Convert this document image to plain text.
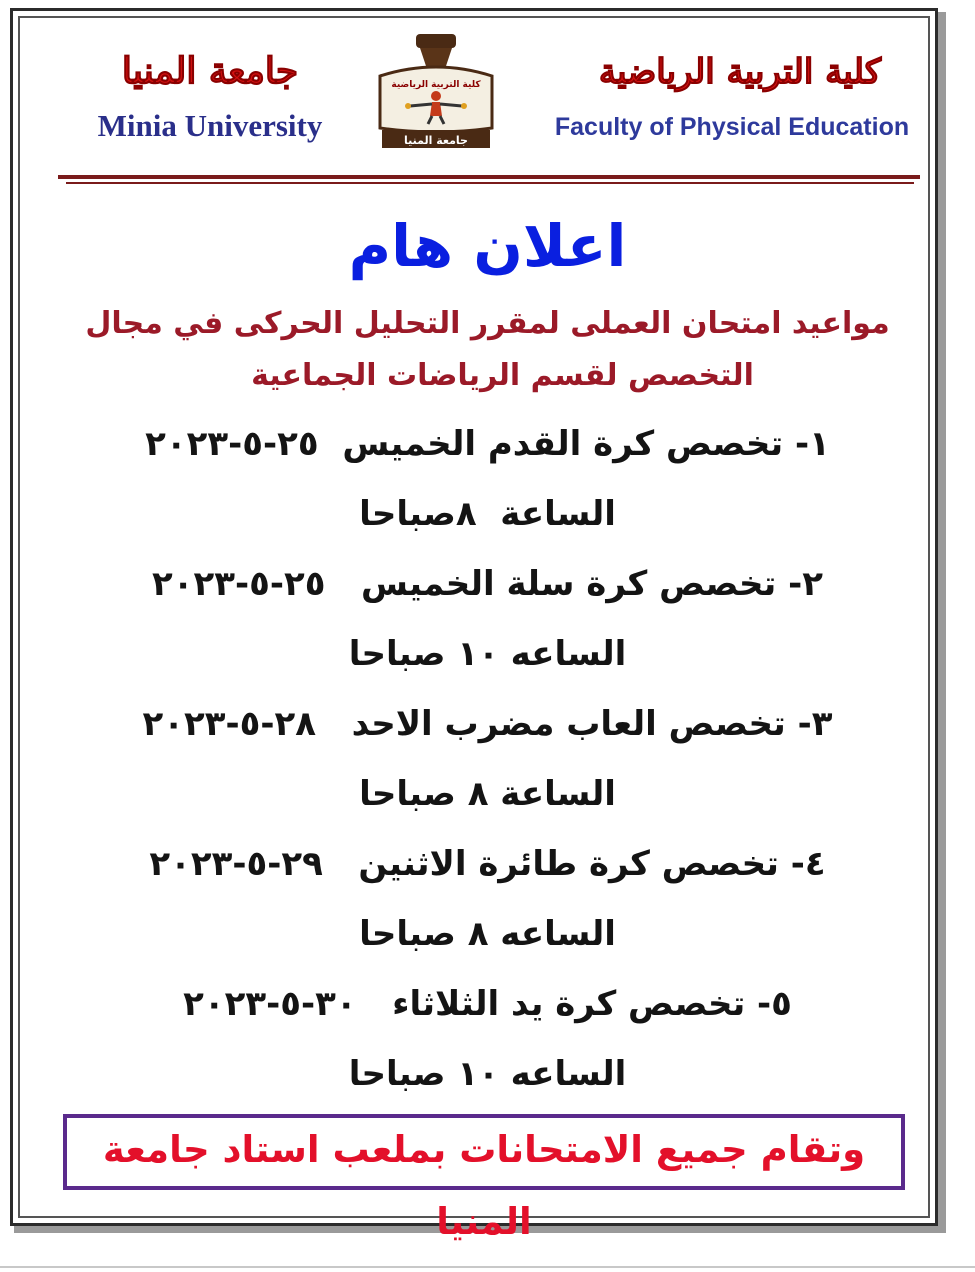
جامعة المنيا
Minia University
كلية التربية الرياضية
Faculty of Physical Education
كلية التربية الرياضية
جامعة المنيا
اعلان هام
مواعيد امتحان العملى لمقرر التحليل الحركى في مجال
التخصص لقسم الرياضات الجماعية
١- تخصص كرة القدم الخميس  ٢٥-٥-٢٠٢٣
الساعة  ٨صباحا
٢- تخصص كرة سلة الخميس   ٢٥-٥-٢٠٢٣
الساعه ١٠ صباحا
٣- تخصص العاب مضرب الاحد   ٢٨-٥-٢٠٢٣
الساعة ٨ صباحا
٤- تخصص كرة طائرة الاثنين   ٢٩-٥-٢٠٢٣
الساعه ٨ صباحا
٥- تخصص كرة يد الثلاثاء   ٣٠-٥-٢٠٢٣
الساعه ١٠ صباحا
وتقام جميع الامتحانات بملعب استاد جامعة المنيا
